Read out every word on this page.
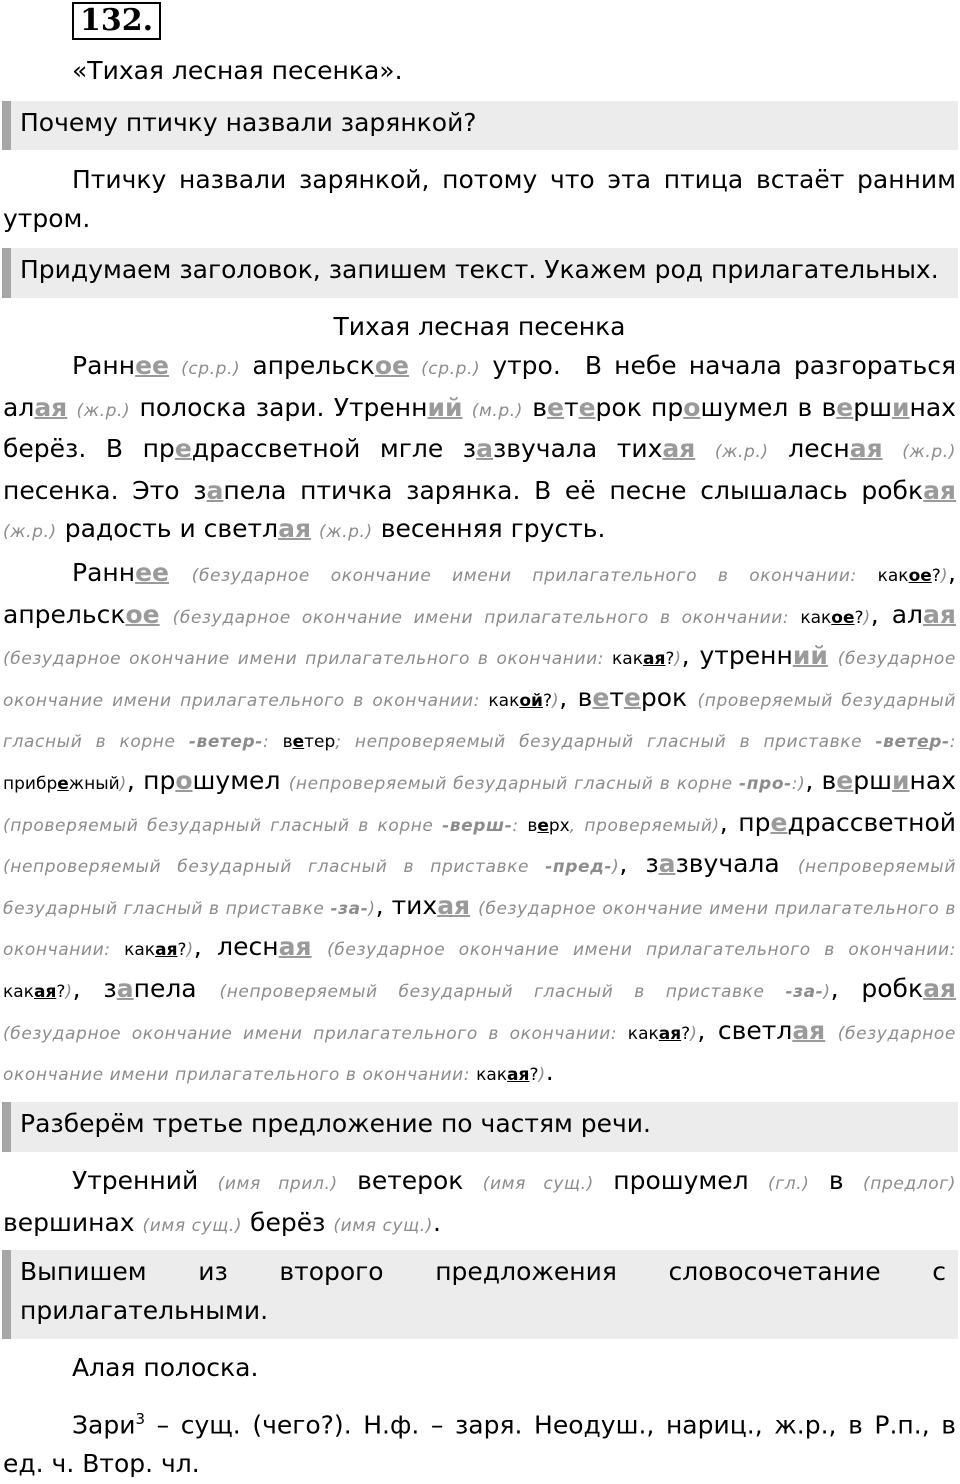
132.

«Тихая лесная песенка».

Почему птичку назвали зарянкой?

Птичку назвали зарянкой, потому что эта птица встаёт ранним утром.

Придумаем заголовок, запишем текст. Укажем род прилагательных.

Тихая лесная песенка

Раннее (ср.р.) апрельское (ср.р.) утро.  В небе начала разгораться алая (ж.р.) полоска зари. Утренний (м.р.) ветерок прошумел в вершинах берёз. В предрассветной мгле зазвучала тихая (ж.р.) лесная (ж.р.) песенка. Это запела птичка зарянка. В её песне слышалась робкая (ж.р.) радость и светлая (ж.р.) весенняя грусть.

Раннее (безударное окончание имени прилагательного в окончании: какое?), апрельское (безударное окончание имени прилагательного в окончании: какое?), алая (безударное окончание имени прилагательного в окончании: какая?), утренний (безударное окончание имени прилагательного в окончании: какой?), ветерок (проверяемый безударный гласный в корне -ветер-: ветер; непроверяемый безударный гласный в приставке -ветер-: прибрежный), прошумел (непроверяемый безударный гласный в корне -про-:), вершинах (проверяемый безударный гласный в корне -верш-: верх, проверяемый), предрассветной (непроверяемый безударный гласный в приставке -пред-), зазвучала (непроверяемый безударный гласный в приставке -за-), тихая (безударное окончание имени прилагательного в окончании: какая?), лесная (безударное окончание имени прилагательного в окончании: какая?), запела (непроверяемый безударный гласный в приставке -за-), робкая (безударное окончание имени прилагательного в окончании: какая?), светлая (безударное окончание имени прилагательного в окончании: какая?).

Разберём третье предложение по частям речи.

Утренний (имя прил.) ветерок (имя сущ.) прошумел (гл.) в (предлог) вершинах (имя сущ.) берёз (имя сущ.).

Выпишем из второго предложения словосочетание с прилагательными.

Алая полоска.

Зари$^3$ – сущ. (чего?). Н.ф. – заря. Неодуш., нариц., ж.р., в Р.п., в ед. ч. Втор. чл.
